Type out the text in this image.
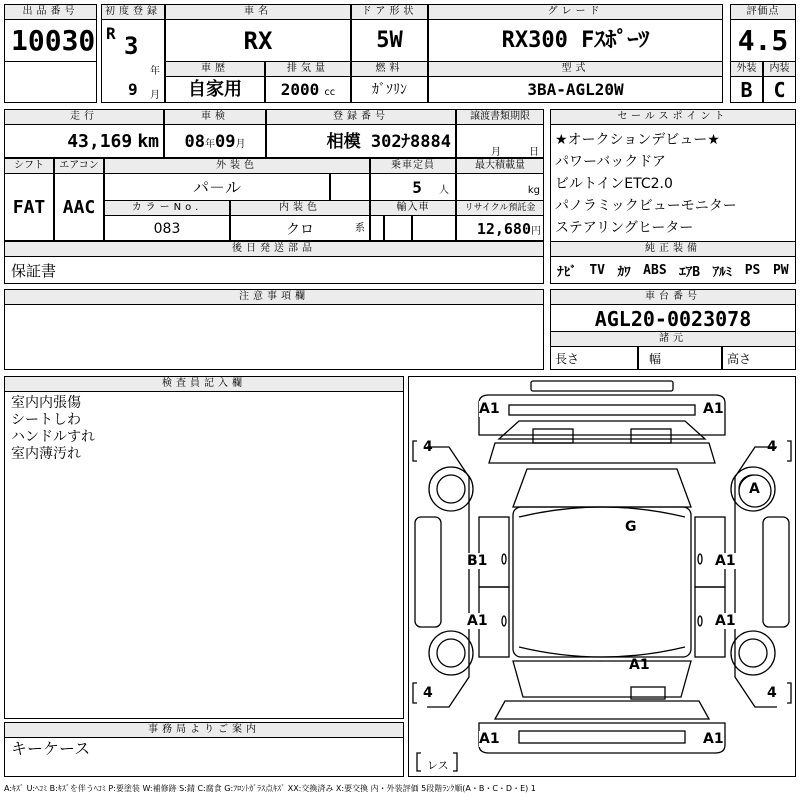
出品番号
10030
初度登録
R 3
年
9 月
車名
RX
ドア形状
5W
グレード
RX300 Fｽﾎﾟｰﾂ
評価点
4.5
車歴
自家用
排気量
2000 cc
燃料
ｶﾞｿﾘﾝ
型式
3BA-AGL20W
外装	内装
B	C
走行
43,169 km
車検
08年09月
登録番号
相模 302ﾅ8884
譲渡書類期限
月	日
シフト
FAT
エアコン
AAC
外装色
パ－ル
乗車定員
5 人
最大積載量
kg
カラーNo.
083
内装色
クロ	系
輸入車	リサイクル預託金
12,680円
後日発送部品
保証書
セールスポイント
★オークションデビュー★
パワーバックドア
ビルトインETC2.0
パノラミックビューモニター
ステアリングヒーター
純正装備
ﾅﾋﾞ TV ｶﾜ ABS ｴｱB ｱﾙﾐ PS PW
注意事項欄	車台番号
AGL20-0023078
諸元
長さ	幅	高さ
検査員記入欄
室内内張傷
シートしわ
ハンドルすれ
室内薄汚れ
事務局よりご案内
キーケース
A1	A1
4	4
A
G
B1	A1
A1	A1
A1
4	4
A1	A1
レス
A:ｷｽﾞ U:ﾍｺﾐ B:ｷｽﾞを伴うﾍｺﾐ P:要塗装 W:補修跡 S:錆 C:腐食 G:ﾌﾛﾝﾄｶﾞﾗｽ点ｷｽﾞ XX:交換済み X:要交換 内・外装評価 5段階ﾗﾝｸ順(A・B・C・D・E) 1
